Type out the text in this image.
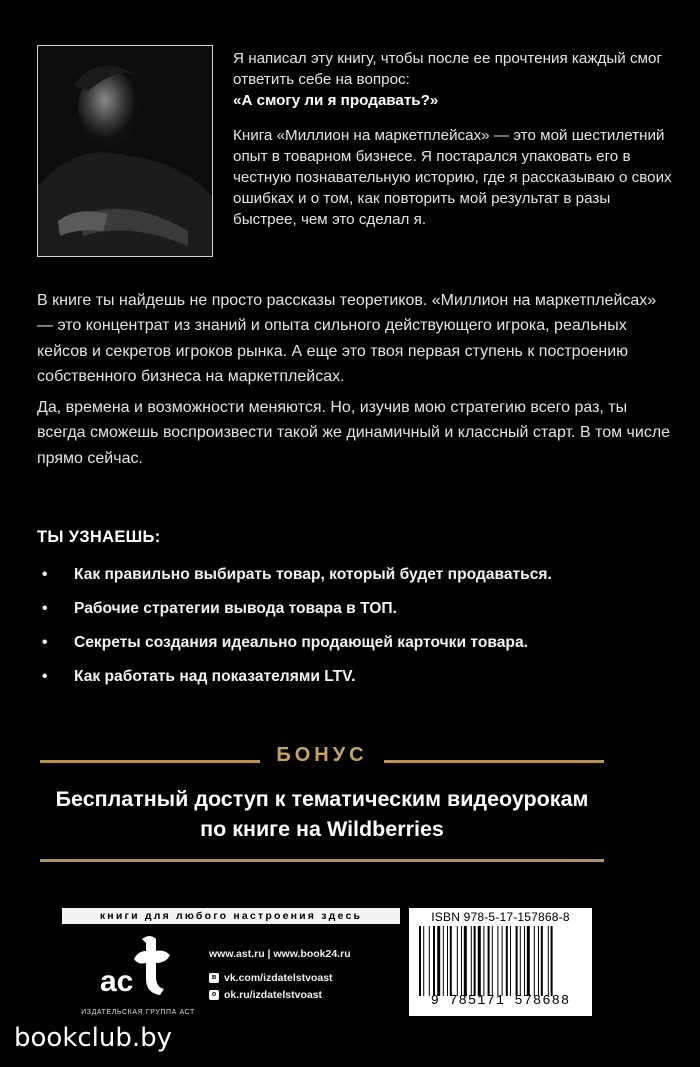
Я написал эту книгу, чтобы после ее прочтения каждый смог ответить себе на вопрос:
«А смогу ли я продавать?»

Книга «Миллион на маркетплейсах» — это мой шестилетний опыт в товарном бизнесе. Я постарался упаковать его в честную познавательную историю, где я рассказываю о своих ошибках и о том, как повторить мой результат в разы быстрее, чем это сделал я.

В книге ты найдешь не просто рассказы теоретиков. «Миллион на маркетплейсах» — это концентрат из знаний и опыта сильного действующего игрока, реальных кейсов и секретов игроков рынка. А еще это твоя первая ступень к построению собственного бизнеса на маркетплейсах.

Да, времена и возможности меняются. Но, изучив мою стратегию всего раз, ты всегда сможешь воспроизвести такой же динамичный и классный старт. В том числе прямо сейчас.

ТЫ УЗНАЕШЬ:
• Как правильно выбирать товар, который будет продаваться.
• Рабочие стратегии вывода товара в ТОП.
• Секреты создания идеально продающей карточки товара.
• Как работать над показателями LTV.
БОНУС
Бесплатный доступ к тематическим видеоурокам
по книге на Wildberries
книги для любого настроения здесь
ac
ИЗДАТЕЛЬСКАЯ ГРУППА АСТ
www.ast.ru | www.book24.ru
в vk.com/izdatelstvoast
о ok.ru/izdatelstvoast
ISBN 978-5-17-157868-8
9 785171 578688
bookclub.by
